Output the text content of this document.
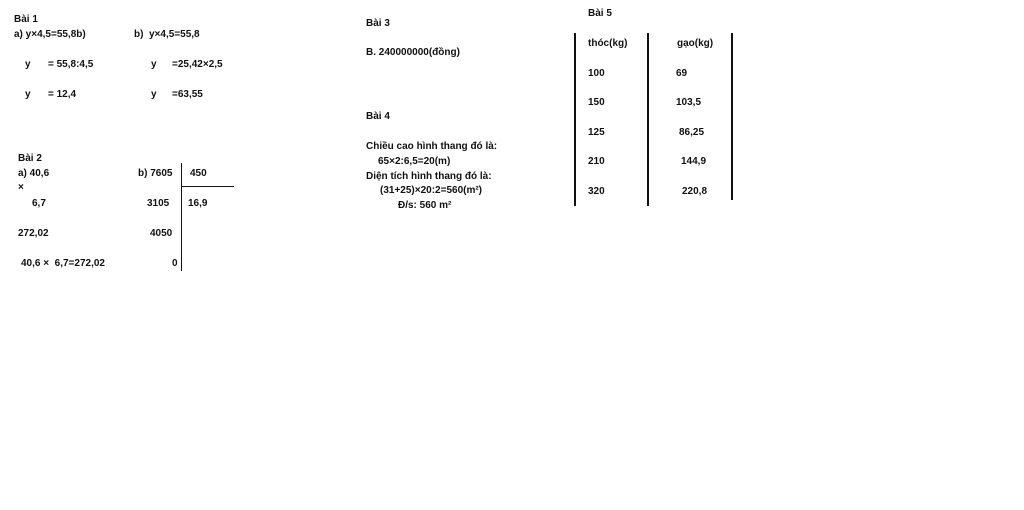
Bài 1
a) y×4,5=55,8b)	b)  y×4,5=55,8
y = 55,8:4,5	y =25,42×2,5
y = 12,4	y =63,55
Bài 2
a) 40,6
×
6,7
272,02
40,6 ×  6,7=272,02
b) 7605 450
3105 16,9
4050
0
Bài 3
B. 240000000(đồng)
Bài 4
Chiều cao hình thang đó là:
65×2:6,5=20(m)
Diện tích hình thang đó là:
(31+25)×20:2=560(m²)
Đ/s: 560 m²
Bài 5
thóc(kg)	gạo(kg)
100	69
150	103,5
125	86,25
210	144,9
320	220,8
